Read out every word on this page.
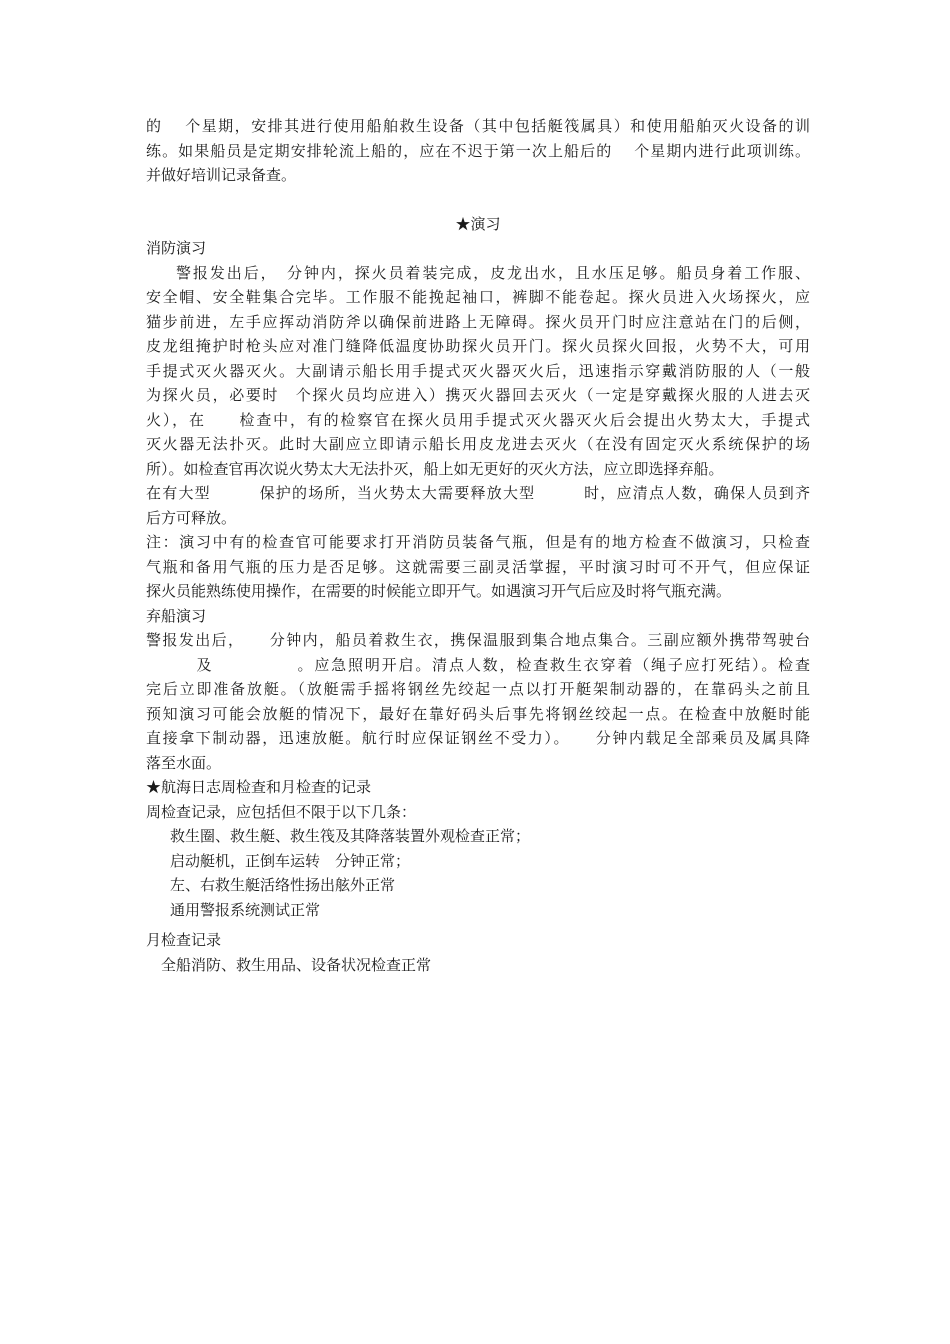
的　 个星期，安排其进行使用船舶救生设备（其中包括艇筏属具）和使用船舶灭火设备的训
练。如果船员是定期安排轮流上船的，应在不迟于第一次上船后的　 个星期内进行此项训练。
并做好培训记录备查。
★演习
消防演习
警报发出后，　分钟内，探火员着装完成，皮龙出水，且水压足够。船员身着工作服、
安全帽、安全鞋集合完毕。工作服不能挽起袖口，裤脚不能卷起。探火员进入火场探火，应
猫步前进，左手应挥动消防斧以确保前进路上无障碍。探火员开门时应注意站在门的后侧，
皮龙组掩护时枪头应对准门缝降低温度协助探火员开门。探火员探火回报，火势不大，可用
手提式灭火器灭火。大副请示船长用手提式灭火器灭火后，迅速指示穿戴消防服的人（一般
为探火员，必要时　个探火员均应进入）携灭火器回去灭火（一定是穿戴探火服的人进去灭
火），在　　检查中，有的检察官在探火员用手提式灭火器灭火后会提出火势太大，手提式
灭火器无法扑灭。此时大副应立即请示船长用皮龙进去灭火（在没有固定灭火系统保护的场
所）。如检查官再次说火势太大无法扑灭，船上如无更好的灭火方法，应立即选择弃船。
在有大型　　　保护的场所，当火势太大需要释放大型　　　时，应清点人数，确保人员到齐
后方可释放。
注：演习中有的检查官可能要求打开消防员装备气瓶，但是有的地方检查不做演习，只检查
气瓶和备用气瓶的压力是否足够。这就需要三副灵活掌握，平时演习时可不开气，但应保证
探火员能熟练使用操作，在需要的时候能立即开气。如遇演习开气后应及时将气瓶充满。
弃船演习
警报发出后，　　分钟内，船员着救生衣，携保温服到集合地点集合。三副应额外携带驾驶台
　　　及　　　　　。应急照明开启。清点人数，检查救生衣穿着（绳子应打死结）。检查
完后立即准备放艇。（放艇需手摇将钢丝先绞起一点以打开艇架制动器的，在靠码头之前且
预知演习可能会放艇的情况下，最好在靠好码头后事先将钢丝绞起一点。在检查中放艇时能
直接拿下制动器，迅速放艇。航行时应保证钢丝不受力）。　　分钟内载足全部乘员及属具降
落至水面。
★航海日志周检查和月检查的记录
周检查记录，应包括但不限于以下几条：
救生圈、救生艇、救生筏及其降落装置外观检查正常；
启动艇机，正倒车运转　分钟正常；
左、右救生艇活络性扬出舷外正常
通用警报系统测试正常
月检查记录
全船消防、救生用品、设备状况检查正常
